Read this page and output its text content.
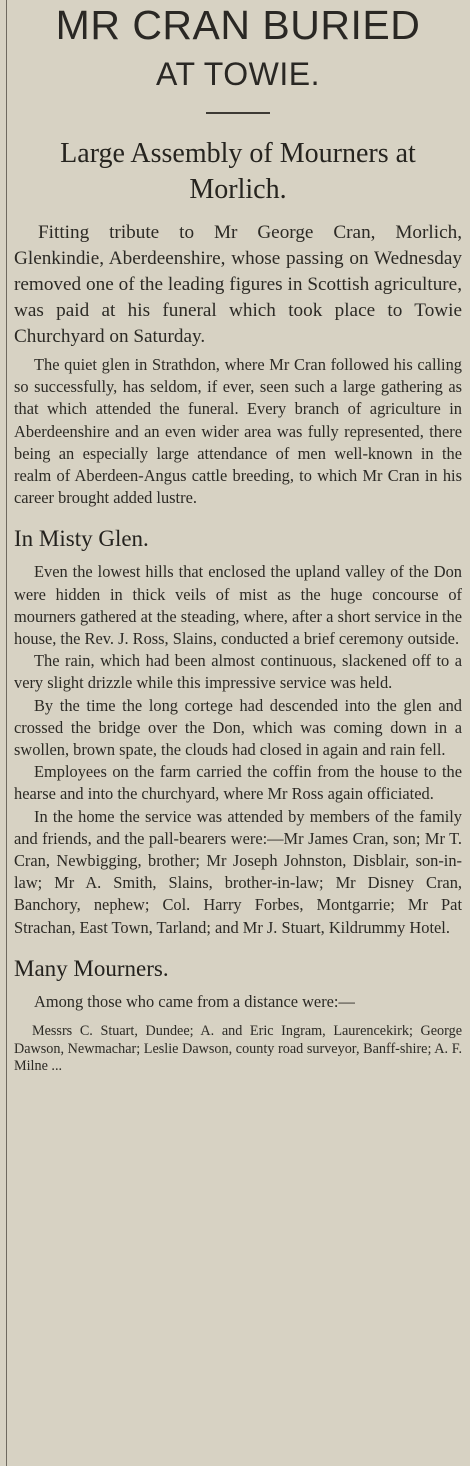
MR CRAN BURIED
AT TOWIE.
Large Assembly of Mourners at Morlich.

Fitting tribute to Mr George Cran, Morlich, Glenkindie, Aberdeenshire, whose passing on Wednesday removed one of the leading figures in Scottish agriculture, was paid at his funeral which took place to Towie Churchyard on Saturday.

The quiet glen in Strathdon, where Mr Cran followed his calling so successfully, has seldom, if ever, seen such a large gathering as that which attended the funeral. Every branch of agriculture in Aberdeenshire and an even wider area was fully represented, there being an especially large attendance of men well-known in the realm of Aberdeen-Angus cattle breeding, to which Mr Cran in his career brought added lustre.

In Misty Glen.

Even the lowest hills that enclosed the upland valley of the Don were hidden in thick veils of mist as the huge concourse of mourners gathered at the steading, where, after a short service in the house, the Rev. J. Ross, Slains, conducted a brief ceremony outside.

The rain, which had been almost continuous, slackened off to a very slight drizzle while this impressive service was held.

By the time the long cortege had descended into the glen and crossed the bridge over the Don, which was coming down in a swollen, brown spate, the clouds had closed in again and rain fell.

Employees on the farm carried the coffin from the house to the hearse and into the churchyard, where Mr Ross again officiated.

In the home the service was attended by members of the family and friends, and the pall-bearers were:—Mr James Cran, son; Mr T. Cran, Newbigging, brother; Mr Joseph Johnston, Disblair, son-in-law; Mr A. Smith, Slains, brother-in-law; Mr Disney Cran, Banchory, nephew; Col. Harry Forbes, Montgarrie; Mr Pat Strachan, East Town, Tarland; and Mr J. Stuart, Kildrummy Hotel.

Many Mourners.

Among those who came from a distance were:—

Messrs C. Stuart, Dundee; A. and Eric Ingram, Laurencekirk; George Dawson, Newmachar; Leslie Dawson, county road surveyor, Banff-shire; A. F. Milne ...
